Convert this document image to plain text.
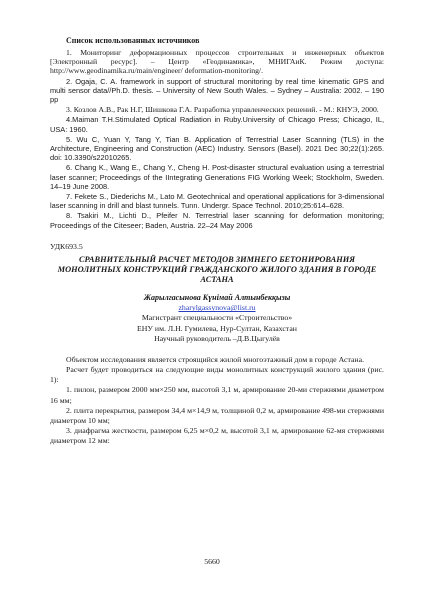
Список использованных источников
1. Мониторинг деформационных процессов строительных и инженерных объектов [Электронный ресурс]. – Центр «Геодинамика», МНИГАиК. Режим доступа: http://www.geodinamika.ru/main/engineer/ deformation-monitoring/.
2. Ogaja, C. A. framework in support of structural monitoring by real time kinematic GPS and multi sensor data//Ph.D. thesis. – University of New South Wales. – Sydney – Australia: 2002. – 190 pp
3. Козлов А.В., Рак Н.Г, Шишкова Г.А. Разработка управленческих решений. - М.: КНУЭ, 2000.
4.Maiman T.H.Stimulated Optical Radiation in Ruby.University of Chicago Press; Chicago, IL, USA: 1960.
5. Wu C, Yuan Y, Tang Y, Tian B. Application of Terrestrial Laser Scanning (TLS) in the Architecture, Engineering and Construction (AEC) Industry. Sensors (Basel). 2021 Dec 30;22(1):265. doi: 10.3390/s22010265.
6. Chang K., Wang E., Chang Y., Cheng H. Post-disaster structural evaluation using a terrestrial laser scanner; Proceedings of the IIntegrating Generations FIG Working Week; Stockholm, Sweden. 14–19 June 2008.
7. Fekete S., Diederichs M., Lato M. Geotechnical and operational applications for 3-dimensional laser scanning in drill and blast tunnels. Tunn. Undergr. Space Technol. 2010;25:614–628.
8. Tsakiri M., Lichti D., Pfeifer N. Terrestrial laser scanning for deformation monitoring; Proceedings of the Citeseer; Baden, Austria. 22–24 May 2006
УДК693.5
СРАВНИТЕЛЬНЫЙ РАСЧЕТ МЕТОДОВ ЗИМНЕГО БЕТОНИРОВАНИЯ МОНОЛИТНЫХ КОНСТРУКЦИЙ ГРАЖДАНСКОГО ЖИЛОГО ЗДАНИЯ В ГОРОДЕ АСТАНА
Жарылгасынова Күнімай Алтынбекқызы
zharylgassynova@list.ru
Магистрант специальности «Строительство»
ЕНУ им. Л.Н. Гумилева, Нур-Султан, Казахстан
Научный руководитель –Д.В.Цыгулёв

Объектом исследования является строящийся жилой многоэтажный дом в городе Астана.

Расчет будет проводиться на следующие виды монолитных конструкций жилого здания (рис. 1):

1. пилон, размером 2000 мм×250 мм, высотой 3,1 м, армирование 20-ми стержнями диаметром 16 мм;

2. плита перекрытия, размером 34,4 м×14,9 м, толщиной 0,2 м, армирование 498-ми стержнями диаметром 10 мм;

3. диафрагма жесткости, размером 6,25 м×0,2 м, высотой 3,1 м, армирование 62-мя стержнями диаметром 12 мм:

5660
